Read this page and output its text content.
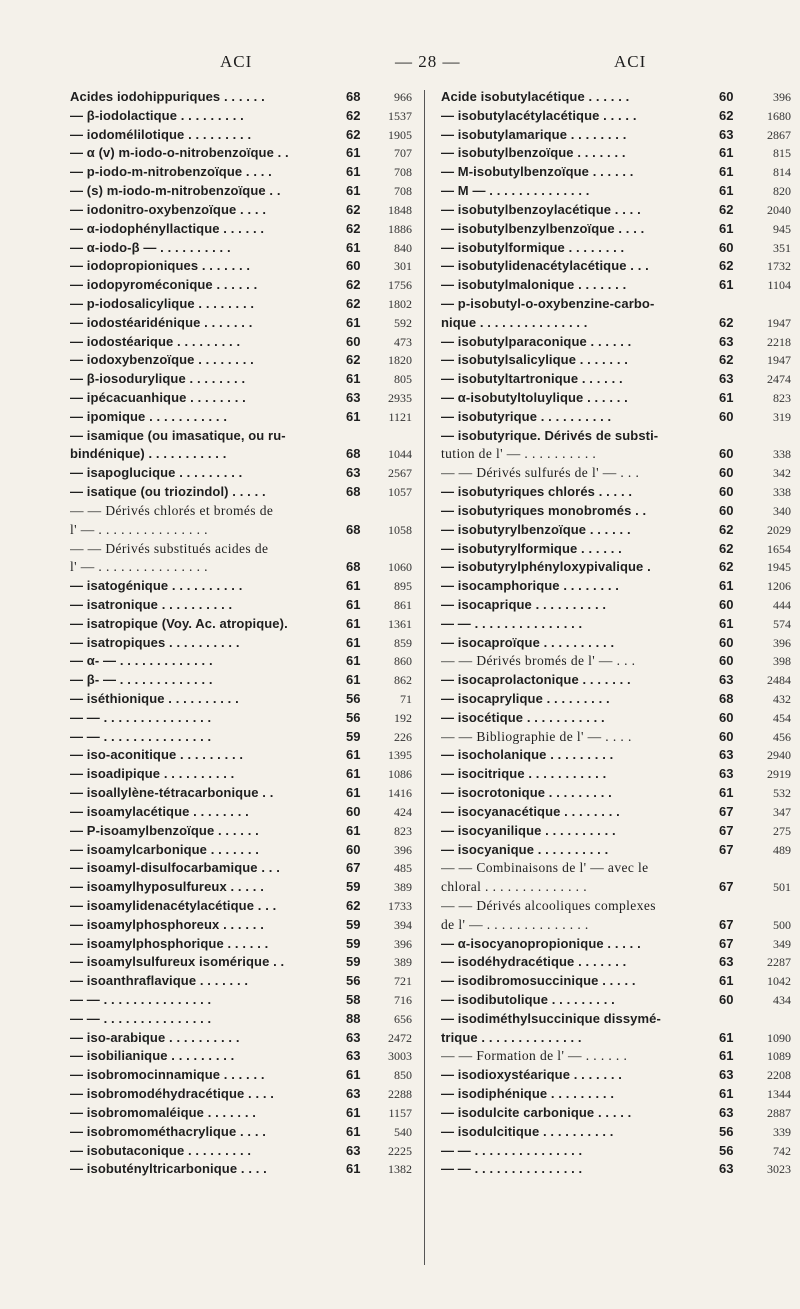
ACI	— 28 —	ACI
Acides iodohippuriques . . . . . .	68	966
— β-iodolactique . . . . . . . . .	62	1537
— iodomélilotique . . . . . . . . .	62	1905
— α (v) m-iodo-o-nitrobenzoïque . .	61	707
— p-iodo-m-nitrobenzoïque . . . .	61	708
— (s) m-iodo-m-nitrobenzoïque . .	61	708
— iodonitro-oxybenzoïque . . . .	62	1848
— α-iodophényllactique . . . . . .	62	1886
— α-iodo-β — . . . . . . . . . .	61	840
— iodopropioniques . . . . . . .	60	301
— iodopyroméconique . . . . . .	62	1756
— p-iodosalicylique . . . . . . . .	62	1802
— iodostéaridénique . . . . . . .	61	592
— iodostéarique . . . . . . . . .	60	473
— iodoxybenzoïque . . . . . . . .	62	1820
— β-iosodurylique . . . . . . . .	61	805
— ipécacuanhique . . . . . . . .	63	2935
— ipomique . . . . . . . . . . .	61	1121
— isamique (ou imasatique, ou ru-
bindénique) . . . . . . . . . . .	68	1044
— isapoglucique . . . . . . . . .	63	2567
— isatique (ou triozindol) . . . . .	68	1057
— — Dérivés chlorés et bromés de
l' — . . . . . . . . . . . . . . .	68	1058
— — Dérivés substitués acides de
l' — . . . . . . . . . . . . . . .	68	1060
— isatogénique . . . . . . . . . .	61	895
— isatronique . . . . . . . . . .	61	861
— isatropique (Voy. Ac. atropique).	61	1361
— isatropiques . . . . . . . . . .	61	859
— α- — . . . . . . . . . . . . .	61	860
— β- — . . . . . . . . . . . . .	61	862
— iséthionique . . . . . . . . . .	56	71
— — . . . . . . . . . . . . . . .	56	192
— — . . . . . . . . . . . . . . .	59	226
— iso-aconitique . . . . . . . . .	61	1395
— isoadipique . . . . . . . . . .	61	1086
— isoallylène-tétracarbonique . .	61	1416
— isoamylacétique . . . . . . . .	60	424
— P-isoamylbenzoïque . . . . . .	61	823
— isoamylcarbonique . . . . . . .	60	396
— isoamyl-disulfocarbamique . . .	67	485
— isoamylhyposulfureux . . . . .	59	389
— isoamylidenacétylacétique . . .	62	1733
— isoamylphosphoreux . . . . . .	59	394
— isoamylphosphorique . . . . . .	59	396
— isoamylsulfureux isomérique . .	59	389
— isoanthraflavique . . . . . . .	56	721
— — . . . . . . . . . . . . . . .	58	716
— — . . . . . . . . . . . . . . .	88	656
— iso-arabique . . . . . . . . . .	63	2472
— isobilianique . . . . . . . . .	63	3003
— isobromocinnamique . . . . . .	61	850
— isobromodéhydracétique . . . .	63	2288
— isobromomaléique . . . . . . .	61	1157
— isobromométhacrylique . . . .	61	540
— isobutaconique . . . . . . . . .	63	2225
— isobutényltricarbonique . . . .	61	1382
Acide isobutylacétique . . . . . .	60	396
— isobutylacétylacétique . . . . .	62	1680
— isobutylamarique . . . . . . . .	63	2867
— isobutylbenzoïque . . . . . . .	61	815
— M-isobutylbenzoïque . . . . . .	61	814
— M — . . . . . . . . . . . . . .	61	820
— isobutylbenzoylacétique . . . .	62	2040
— isobutylbenzylbenzoïque . . . .	61	945
— isobutylformique . . . . . . . .	60	351
— isobutylidenacétylacétique . . .	62	1732
— isobutylmalonique . . . . . . .	61	1104
— p-isobutyl-o-oxybenzine-carbo-
nique . . . . . . . . . . . . . . .	62	1947
— isobutylparaconique . . . . . .	63	2218
— isobutylsalicylique . . . . . . .	62	1947
— isobutyltartronique . . . . . .	63	2474
— α-isobutyltoluylique . . . . . .	61	823
— isobutyrique . . . . . . . . . .	60	319
— isobutyrique. Dérivés de substi-
tution de l' — . . . . . . . . . .	60	338
— — Dérivés sulfurés de l' — . . .	60	342
— isobutyriques chlorés . . . . .	60	338
— isobutyriques monobromés . .	60	340
— isobutyrylbenzoïque . . . . . .	62	2029
— isobutyrylformique . . . . . .	62	1654
— isobutyrylphényloxypivalique .	62	1945
— isocamphorique . . . . . . . .	61	1206
— isocaprique . . . . . . . . . .	60	444
— — . . . . . . . . . . . . . . .	61	574
— isocaproïque . . . . . . . . . .	60	396
— — Dérivés bromés de l' — . . .	60	398
— isocaprolactonique . . . . . . .	63	2484
— isocaprylique . . . . . . . . .	68	432
— isocétique . . . . . . . . . . .	60	454
— — Bibliographie de l' — . . . .	60	456
— isocholanique . . . . . . . . .	63	2940
— isocitrique . . . . . . . . . . .	63	2919
— isocrotonique . . . . . . . . .	61	532
— isocyanacétique . . . . . . . .	67	347
— isocyanilique . . . . . . . . . .	67	275
— isocyanique . . . . . . . . . .	67	489
— — Combinaisons de l' — avec le
chloral . . . . . . . . . . . . . .	67	501
— — Dérivés alcooliques complexes
de l' — . . . . . . . . . . . . . .	67	500
— α-isocyanopropionique . . . . .	67	349
— isodéhydracétique . . . . . . .	63	2287
— isodibromosuccinique . . . . .	61	1042
— isodibutolique . . . . . . . . .	60	434
— isodiméthylsuccinique dissymé-
trique . . . . . . . . . . . . . .	61	1090
— — Formation de l' — . . . . . .	61	1089
— isodioxystéarique . . . . . . .	63	2208
— isodiphénique . . . . . . . . .	61	1344
— isodulcite carbonique . . . . .	63	2887
— isodulcitique . . . . . . . . . .	56	339
— — . . . . . . . . . . . . . . .	56	742
— — . . . . . . . . . . . . . . .	63	3023
